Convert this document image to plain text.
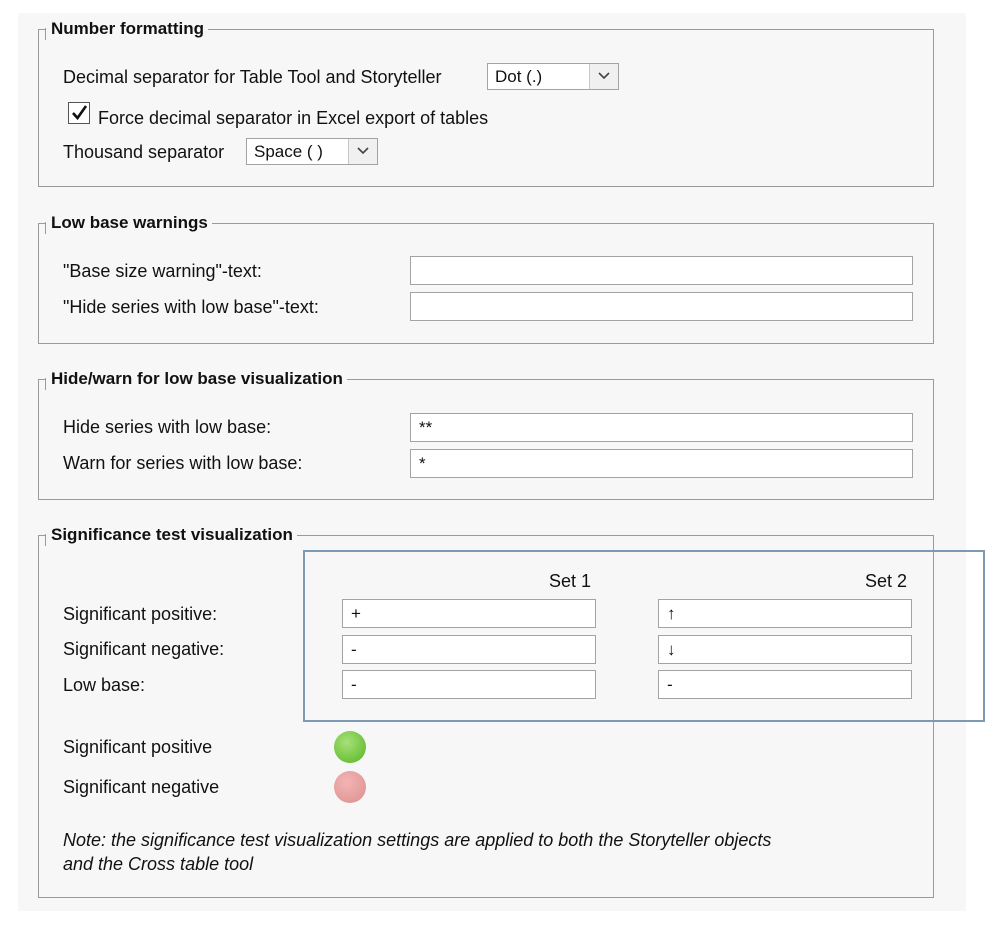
Number formatting
Decimal separator for Table Tool and Storyteller	Dot (.)
Force decimal separator in Excel export of tables
Thousand separator Space ( )
Low base warnings
"Base size warning"-text:
"Hide series with low base"-text:
Hide/warn for low base visualization
Hide series with low base:	**
Warn for series with low base:	*
Significance test visualization
Set 1	Set 2
Significant positive:	+	↑
Significant negative:	-	↓
Low base:	-	-
Significant positive
Significant negative
Note: the significance test visualization settings are applied to both the Storyteller objects
and the Cross table tool
